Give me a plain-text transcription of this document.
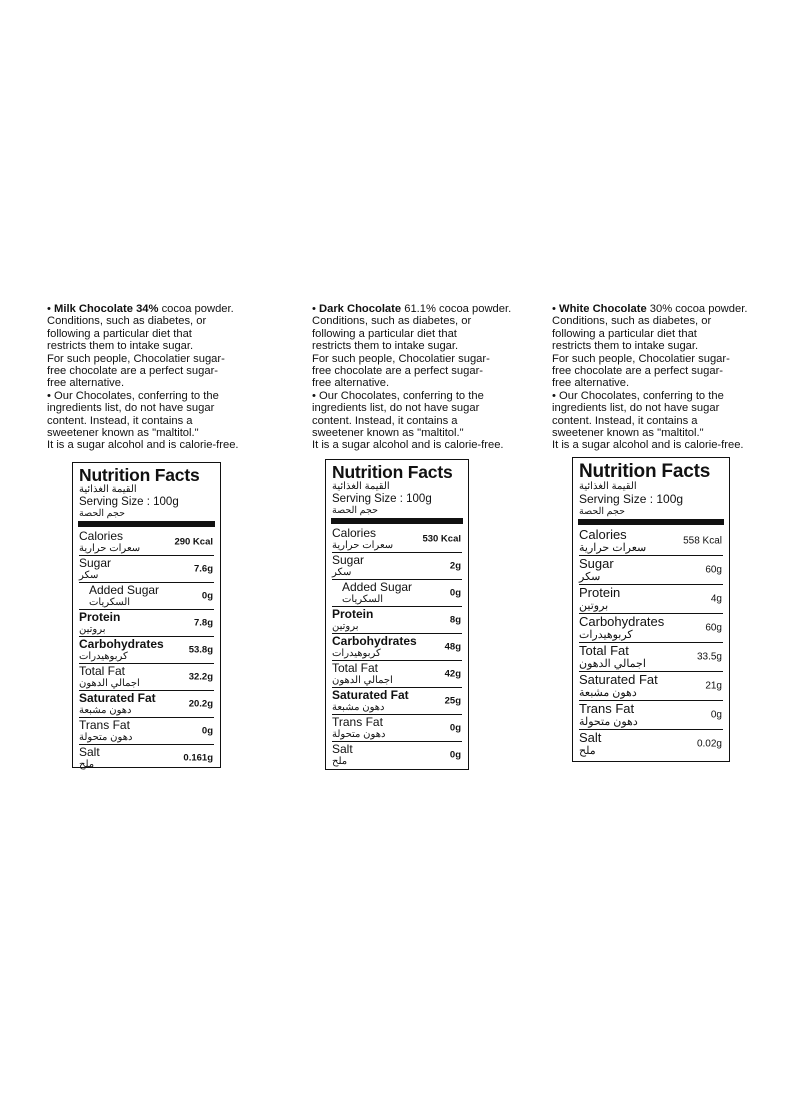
• Milk Chocolate 34% cocoa powder.

Conditions, such as diabetes, or

following a particular diet that

restricts them to intake sugar.

For such people, Chocolatier sugar-

free chocolate are a perfect sugar-

free alternative.

• Our Chocolates, conferring to the

ingredients list, do not have sugar

content. Instead, it contains a

sweetener known as "maltitol."

It is a sugar alcohol and is calorie-free.

Nutrition Facts
القيمة الغذائية
Serving Size : 100g
حجم الحصة
Calories
سعرات حرارية
290 Kcal
Sugar
سكر
7.6g
Added Sugar
السكريات
0g
Protein
بروتين
7.8g
Carbohydrates
كربوهيدرات
53.8g
Total Fat
اجمالي الدهون
32.2g
Saturated Fat
دهون مشبعة
20.2g
Trans Fat
دهون متحولة
0g
Salt
ملح
0.161g

• Dark Chocolate 61.1% cocoa powder.

Conditions, such as diabetes, or

following a particular diet that

restricts them to intake sugar.

For such people, Chocolatier sugar-

free chocolate are a perfect sugar-

free alternative.

• Our Chocolates, conferring to the

ingredients list, do not have sugar

content. Instead, it contains a

sweetener known as "maltitol."

It is a sugar alcohol and is calorie-free.

Nutrition Facts
القيمة الغذائية
Serving Size : 100g
حجم الحصة
Calories
سعرات حرارية
530 Kcal
Sugar
سكر
2g
Added Sugar
السكريات
0g
Protein
بروتين
8g
Carbohydrates
كربوهيدرات
48g
Total Fat
اجمالي الدهون
42g
Saturated Fat
دهون مشبعة
25g
Trans Fat
دهون متحولة
0g
Salt
ملح
0g

• White Chocolate 30% cocoa powder.

Conditions, such as diabetes, or

following a particular diet that

restricts them to intake sugar.

For such people, Chocolatier sugar-

free chocolate are a perfect sugar-

free alternative.

• Our Chocolates, conferring to the

ingredients list, do not have sugar

content. Instead, it contains a

sweetener known as "maltitol."

It is a sugar alcohol and is calorie-free.

Nutrition Facts
القيمة الغذائية
Serving Size : 100g
حجم الحصة
Calories
سعرات حرارية
558 Kcal
Sugar
سكر
60g
Protein
بروتين
4g
Carbohydrates
كربوهيدرات
60g
Total Fat
اجمالي الدهون
33.5g
Saturated Fat
دهون مشبعة
21g
Trans Fat
دهون متحولة
0g
Salt
ملح
0.02g
